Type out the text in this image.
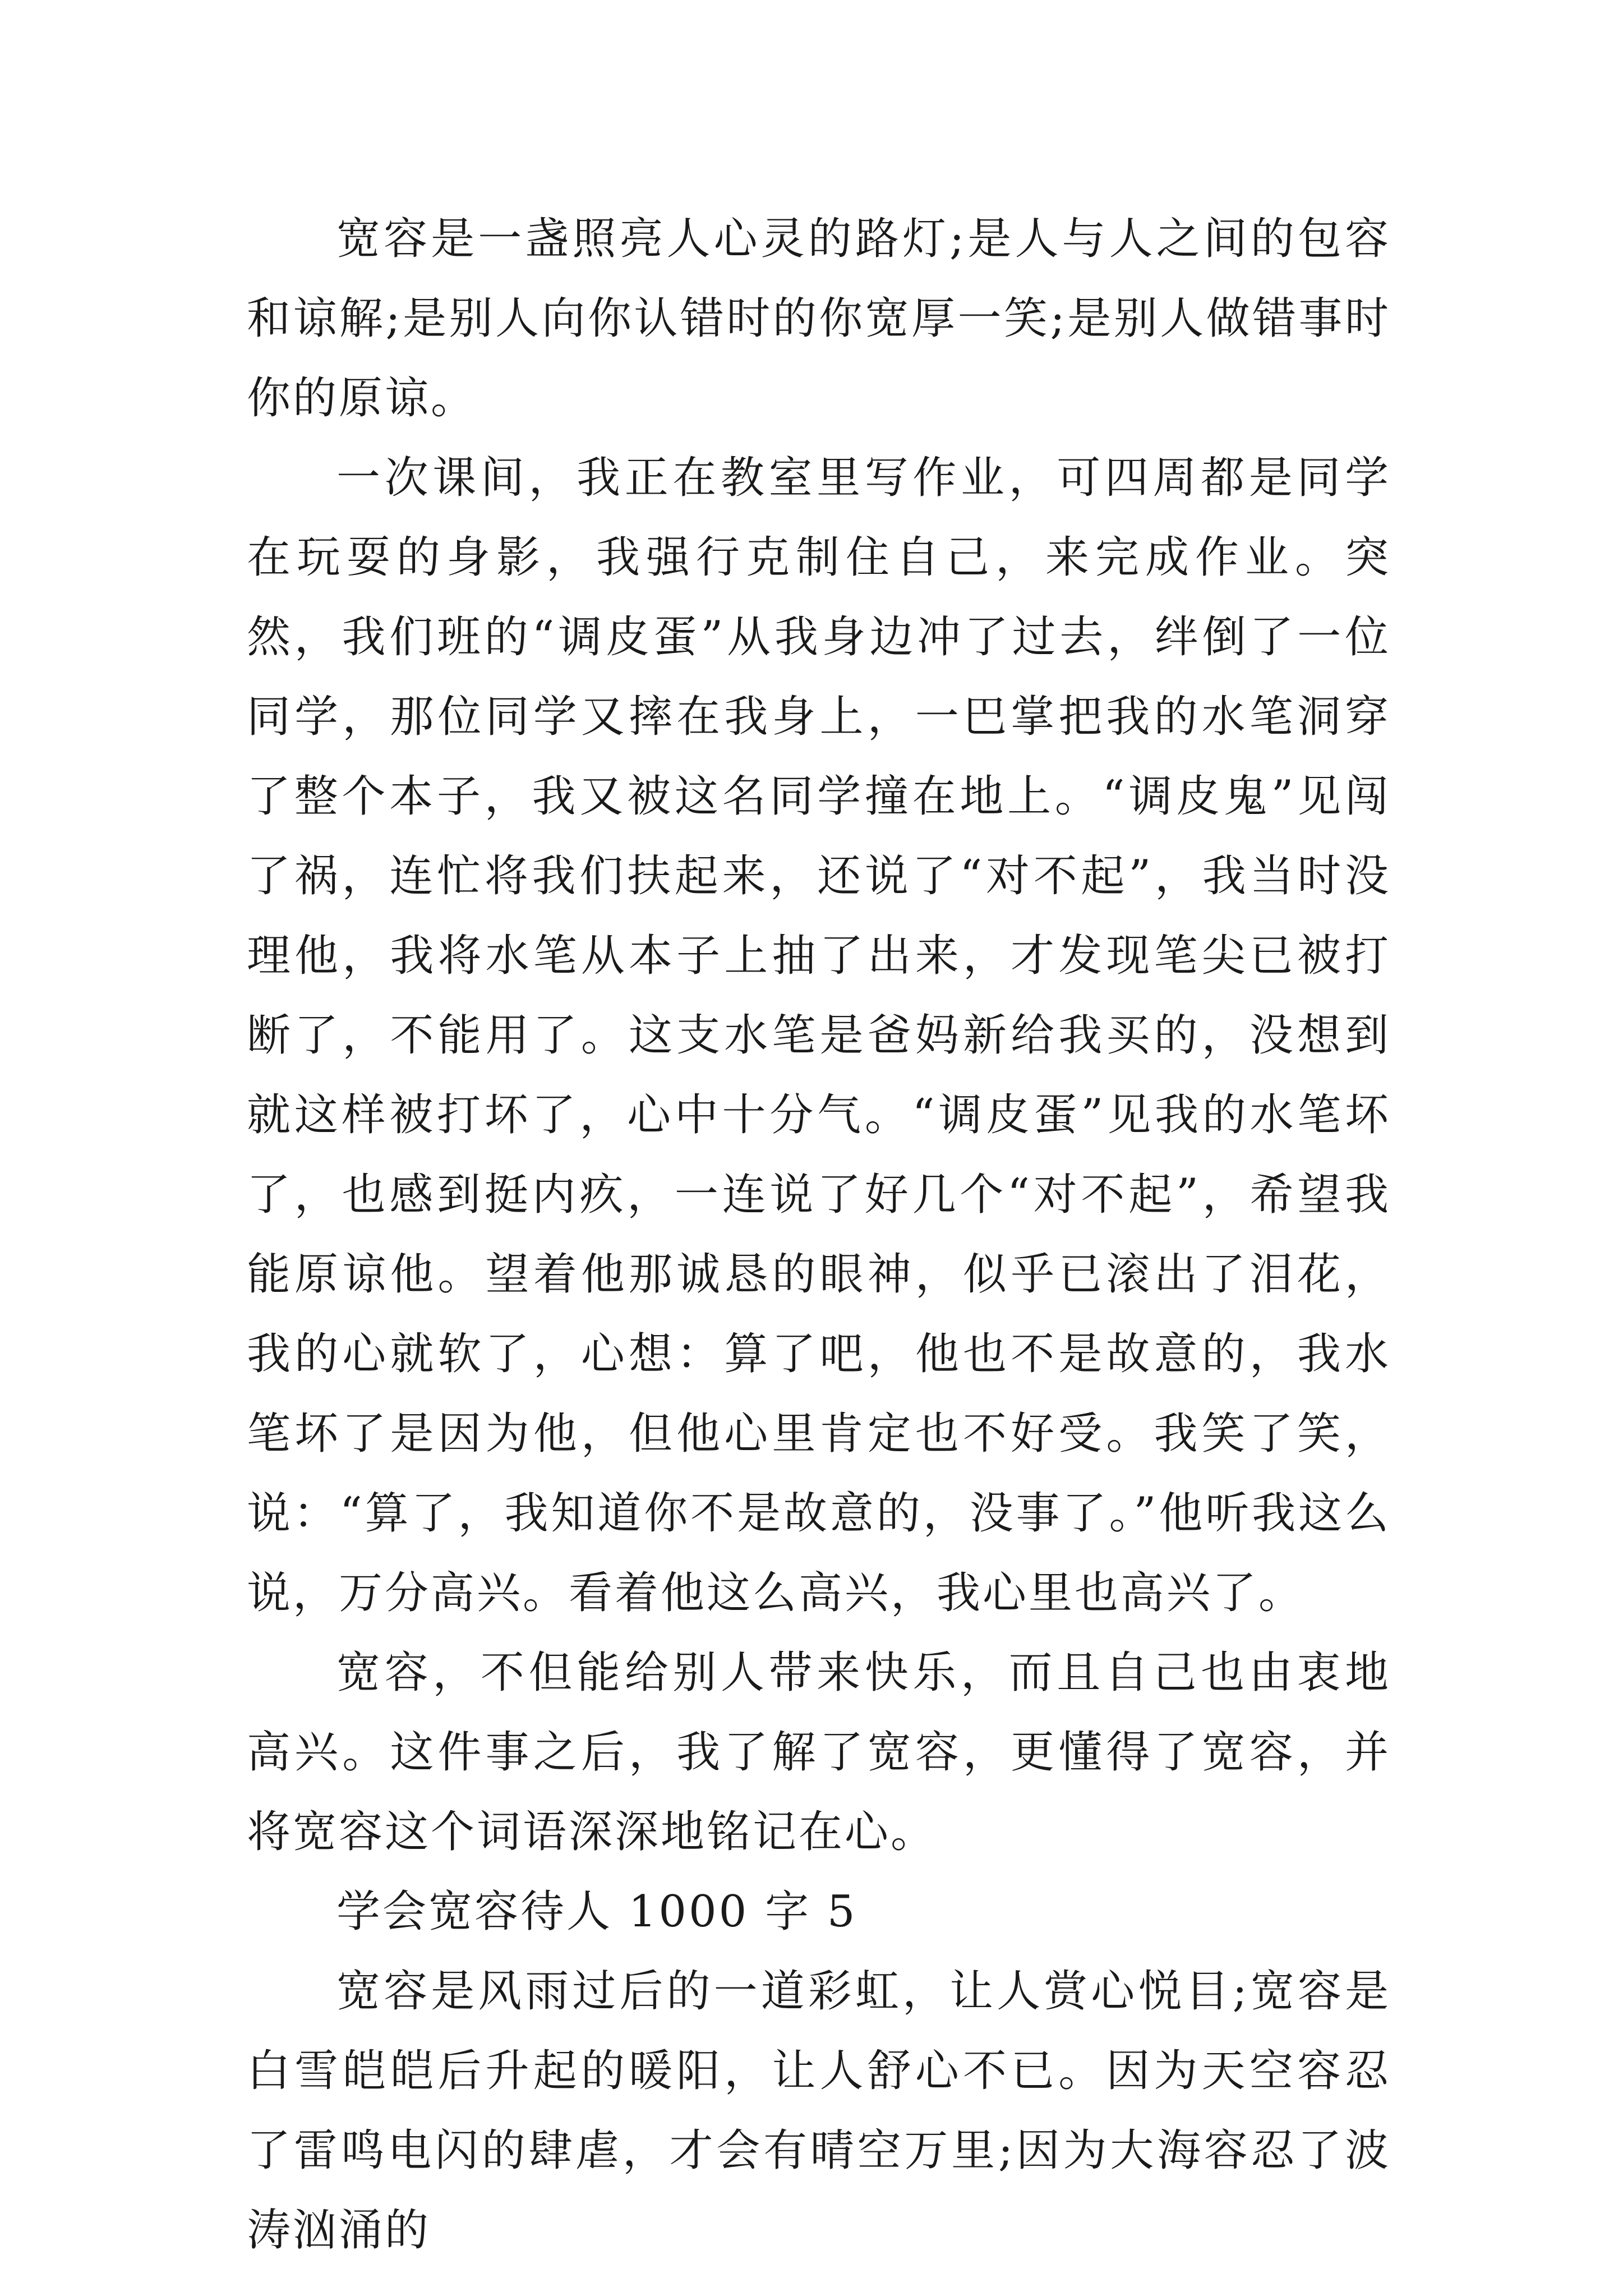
宽容是一盏照亮人心灵的路灯;是人与人之间的包容和谅解;是别人向你认错时的你宽厚一笑;是别人做错事时你的原谅。

一次课间，我正在教室里写作业，可四周都是同学在玩耍的身影，我强行克制住自己，来完成作业。突然，我们班的“调皮蛋”从我身边冲了过去，绊倒了一位同学，那位同学又摔在我身上，一巴掌把我的水笔洞穿了整个本子，我又被这名同学撞在地上。“调皮鬼”见闯了祸，连忙将我们扶起来，还说了“对不起”，我当时没理他，我将水笔从本子上抽了出来，才发现笔尖已被打断了，不能用了。这支水笔是爸妈新给我买的，没想到就这样被打坏了，心中十分气。“调皮蛋”见我的水笔坏了，也感到挺内疚，一连说了好几个“对不起”，希望我能原谅他。望着他那诚恳的眼神，似乎已滚出了泪花，我的心就软了，心想：算了吧，他也不是故意的，我水笔坏了是因为他，但他心里肯定也不好受。我笑了笑，说：“算了，我知道你不是故意的，没事了。”他听我这么说，万分高兴。看着他这么高兴，我心里也高兴了。

宽容，不但能给别人带来快乐，而且自己也由衷地高兴。这件事之后，我了解了宽容，更懂得了宽容，并将宽容这个词语深深地铭记在心。

学会宽容待人 1000 字 5

宽容是风雨过后的一道彩虹，让人赏心悦目;宽容是白雪皑皑后升起的暖阳，让人舒心不已。因为天空容忍了雷鸣电闪的肆虐，才会有晴空万里;因为大海容忍了波涛汹涌的
